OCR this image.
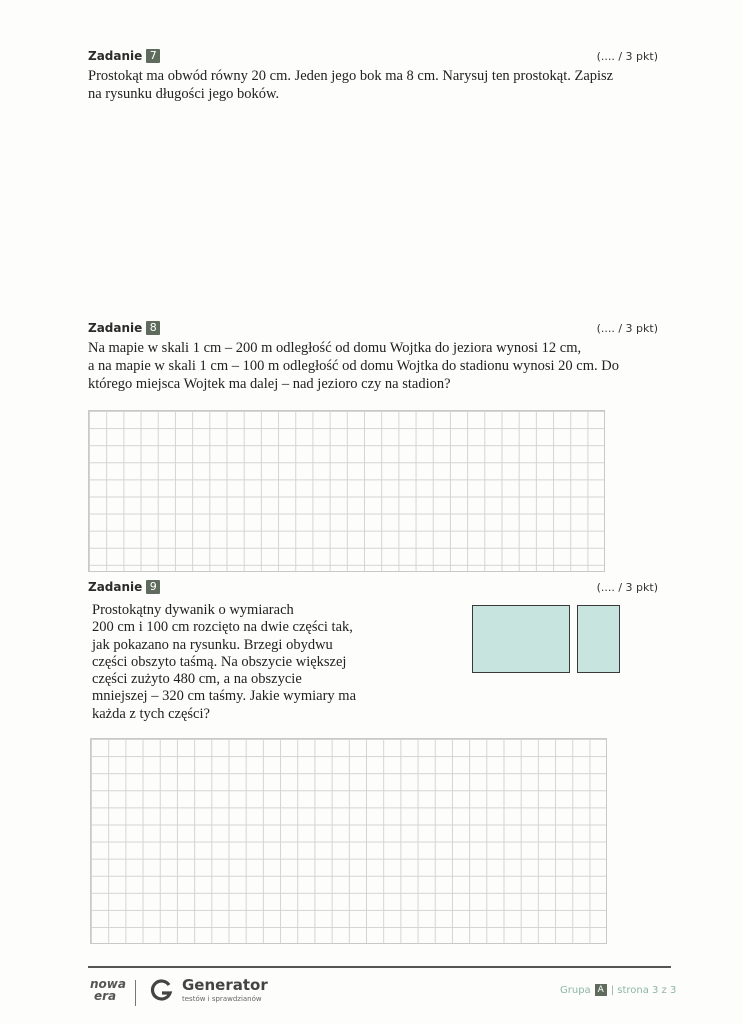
Zadanie 7	(.... / 3 pkt)

Prostokąt ma obwód równy 20 cm. Jeden jego bok ma 8 cm. Narysuj ten prostokąt. Zapisz

na rysunku długości jego boków.

Zadanie 8	(.... / 3 pkt)

Na mapie w skali 1 cm – 200 m odległość od domu Wojtka do jeziora wynosi 12 cm,

a na mapie w skali 1 cm – 100 m odległość od domu Wojtka do stadionu wynosi 20 cm. Do

którego miejsca Wojtek ma dalej – nad jezioro czy na stadion?

Zadanie 9	(.... / 3 pkt)

Prostokątny dywanik o wymiarach

200 cm i 100 cm rozcięto na dwie części tak,

jak pokazano na rysunku. Brzegi obydwu

części obszyto taśmą. Na obszycie większej

części zużyto 480 cm, a na obszycie

mniejszej – 320 cm taśmy. Jakie wymiary ma

każda z tych części?

nowa
era
Generator
testów i sprawdzianów
Grupa A | strona 3 z 3
